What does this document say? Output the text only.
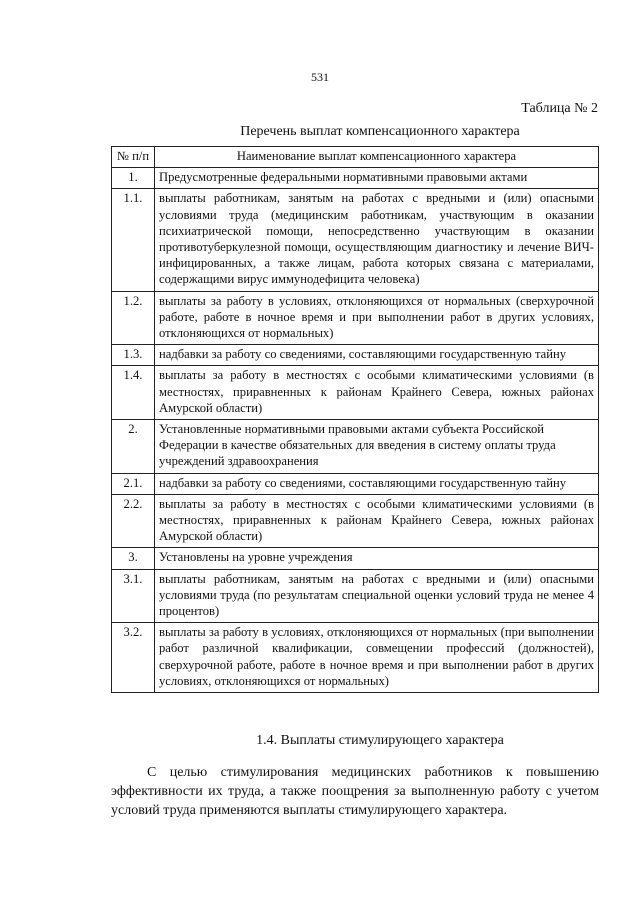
531
Таблица № 2
Перечень выплат компенсационного характера
№ п/п	Наименование выплат компенсационного характера
1.	Предусмотренные федеральными нормативными правовыми актами
1.1.	выплаты работникам, занятым на работах с вредными и (или) опасными условиями труда (медицинским работникам, участвующим в оказании психиатрической помощи, непосредственно участвующим в оказании противотуберкулезной помощи, осуществляющим диагностику и лечение ВИЧ-инфицированных, а также лицам, работа которых связана с материалами, содержащими вирус иммунодефицита человека)
1.2.	выплаты за работу в условиях, отклоняющихся от нормальных (сверхурочной работе, работе в ночное время и при выполнении работ в других условиях, отклоняющихся от нормальных)
1.3.	надбавки за работу со сведениями, составляющими государственную тайну
1.4.	выплаты за работу в местностях с особыми климатическими условиями (в местностях, приравненных к районам Крайнего Севера, южных районах Амурской области)
2.	Установленные нормативными правовыми актами субъекта Российской Федерации в качестве обязательных для введения в систему оплаты труда учреждений здравоохранения
2.1.	надбавки за работу со сведениями, составляющими государственную тайну
2.2.	выплаты за работу в местностях с особыми климатическими условиями (в местностях, приравненных к районам Крайнего Севера, южных районах Амурской области)
3.	Установлены на уровне учреждения
3.1.	выплаты работникам, занятым на работах с вредными и (или) опасными условиями труда (по результатам специальной оценки условий труда не менее 4 процентов)
3.2.	выплаты за работу в условиях, отклоняющихся от нормальных (при выполнении работ различной квалификации, совмещении профессий (должностей), сверхурочной работе, работе в ночное время и при выполнении работ в других условиях, отклоняющихся от нормальных)
1.4. Выплаты стимулирующего характера
С целью стимулирования медицинских работников к повышению эффективности их труда, а также поощрения за выполненную работу с учетом условий труда применяются выплаты стимулирующего характера.
